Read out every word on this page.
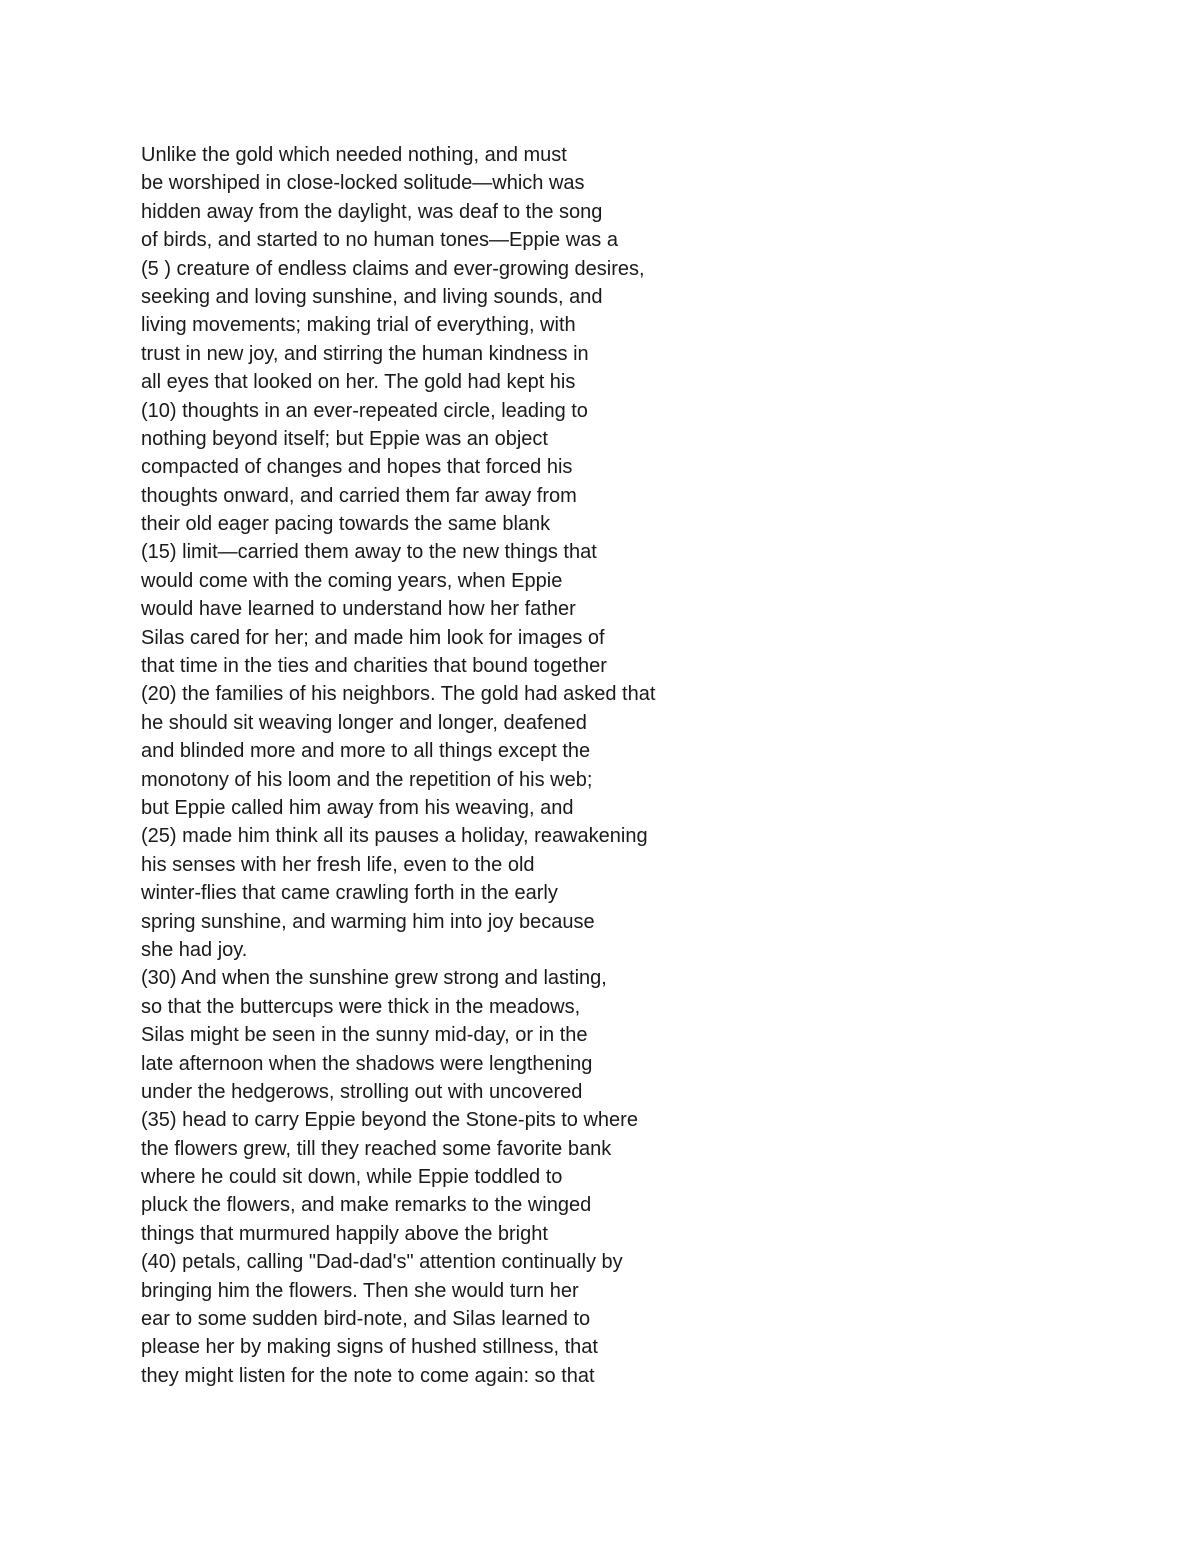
Unlike the gold which needed nothing, and must
be worshiped in close-locked solitude—which was
hidden away from the daylight, was deaf to the song
of birds, and started to no human tones—Eppie was a
(5 ) creature of endless claims and ever-growing desires,
seeking and loving sunshine, and living sounds, and
living movements; making trial of everything, with
trust in new joy, and stirring the human kindness in
all eyes that looked on her. The gold had kept his
(10) thoughts in an ever-repeated circle, leading to
nothing beyond itself; but Eppie was an object
compacted of changes and hopes that forced his
thoughts onward, and carried them far away from
their old eager pacing towards the same blank
(15) limit—carried them away to the new things that
would come with the coming years, when Eppie
would have learned to understand how her father
Silas cared for her; and made him look for images of
that time in the ties and charities that bound together
(20) the families of his neighbors. The gold had asked that
he should sit weaving longer and longer, deafened
and blinded more and more to all things except the
monotony of his loom and the repetition of his web;
but Eppie called him away from his weaving, and
(25) made him think all its pauses a holiday, reawakening
his senses with her fresh life, even to the old
winter-flies that came crawling forth in the early
spring sunshine, and warming him into joy because
she had joy.
(30) And when the sunshine grew strong and lasting,
so that the buttercups were thick in the meadows,
Silas might be seen in the sunny mid-day, or in the
late afternoon when the shadows were lengthening
under the hedgerows, strolling out with uncovered
(35) head to carry Eppie beyond the Stone-pits to where
the flowers grew, till they reached some favorite bank
where he could sit down, while Eppie toddled to
pluck the flowers, and make remarks to the winged
things that murmured happily above the bright
(40) petals, calling "Dad-dad's" attention continually by
bringing him the flowers. Then she would turn her
ear to some sudden bird-note, and Silas learned to
please her by making signs of hushed stillness, that
they might listen for the note to come again: so that
